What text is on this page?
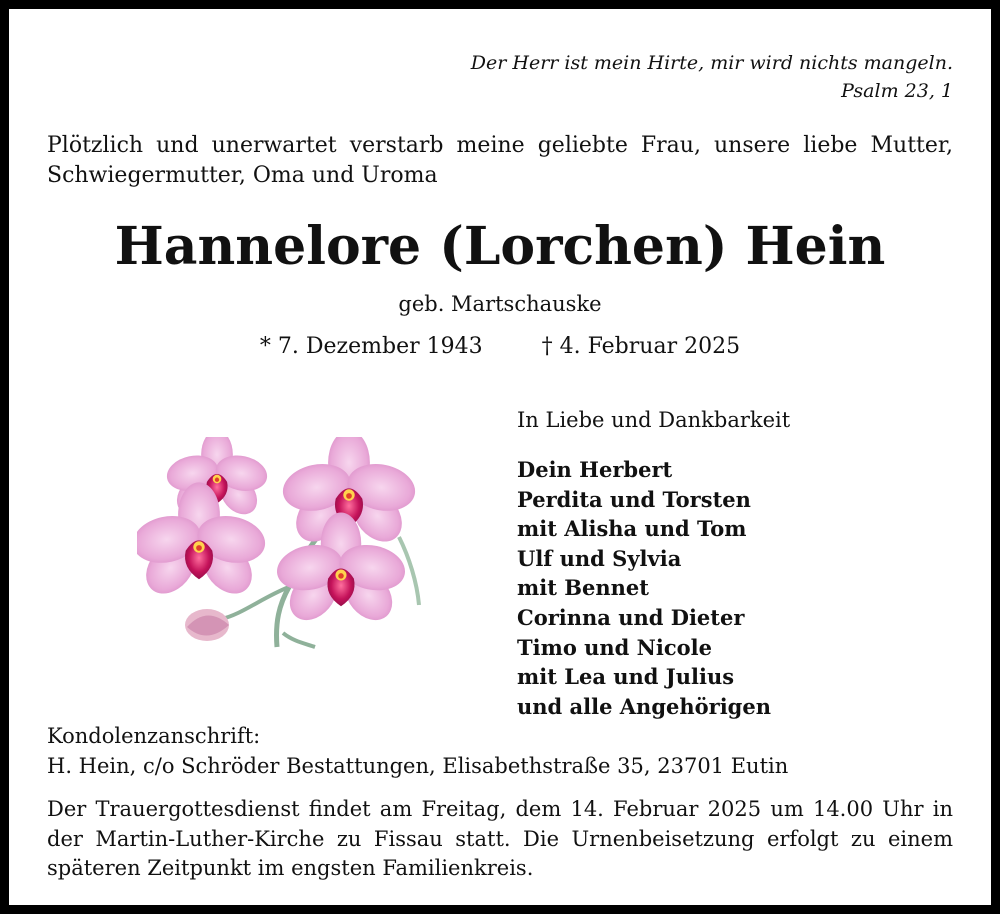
Der Herr ist mein Hirte, mir wird nichts mangeln.
Psalm 23, 1
Plötzlich und unerwartet verstarb meine geliebte Frau, unsere liebe Mutter,
Schwiegermutter, Oma und Uroma
Hannelore (Lorchen) Hein
geb. Martschauske
* 7. Dezember 1943	† 4. Februar 2025
In Liebe und Dankbarkeit
Dein Herbert
Perdita und Torsten
mit Alisha und Tom
Ulf und Sylvia
mit Bennet
Corinna und Dieter
Timo und Nicole
mit Lea und Julius
und alle Angehörigen
Kondolenzanschrift:
H. Hein, c/o Schröder Bestattungen, Elisabethstraße 35, 23701 Eutin
Der Trauergottesdienst findet am Freitag, dem 14. Februar 2025 um 14.00 Uhr in
der Martin-Luther-Kirche zu Fissau statt. Die Urnenbeisetzung erfolgt zu einem
späteren Zeitpunkt im engsten Familienkreis.
